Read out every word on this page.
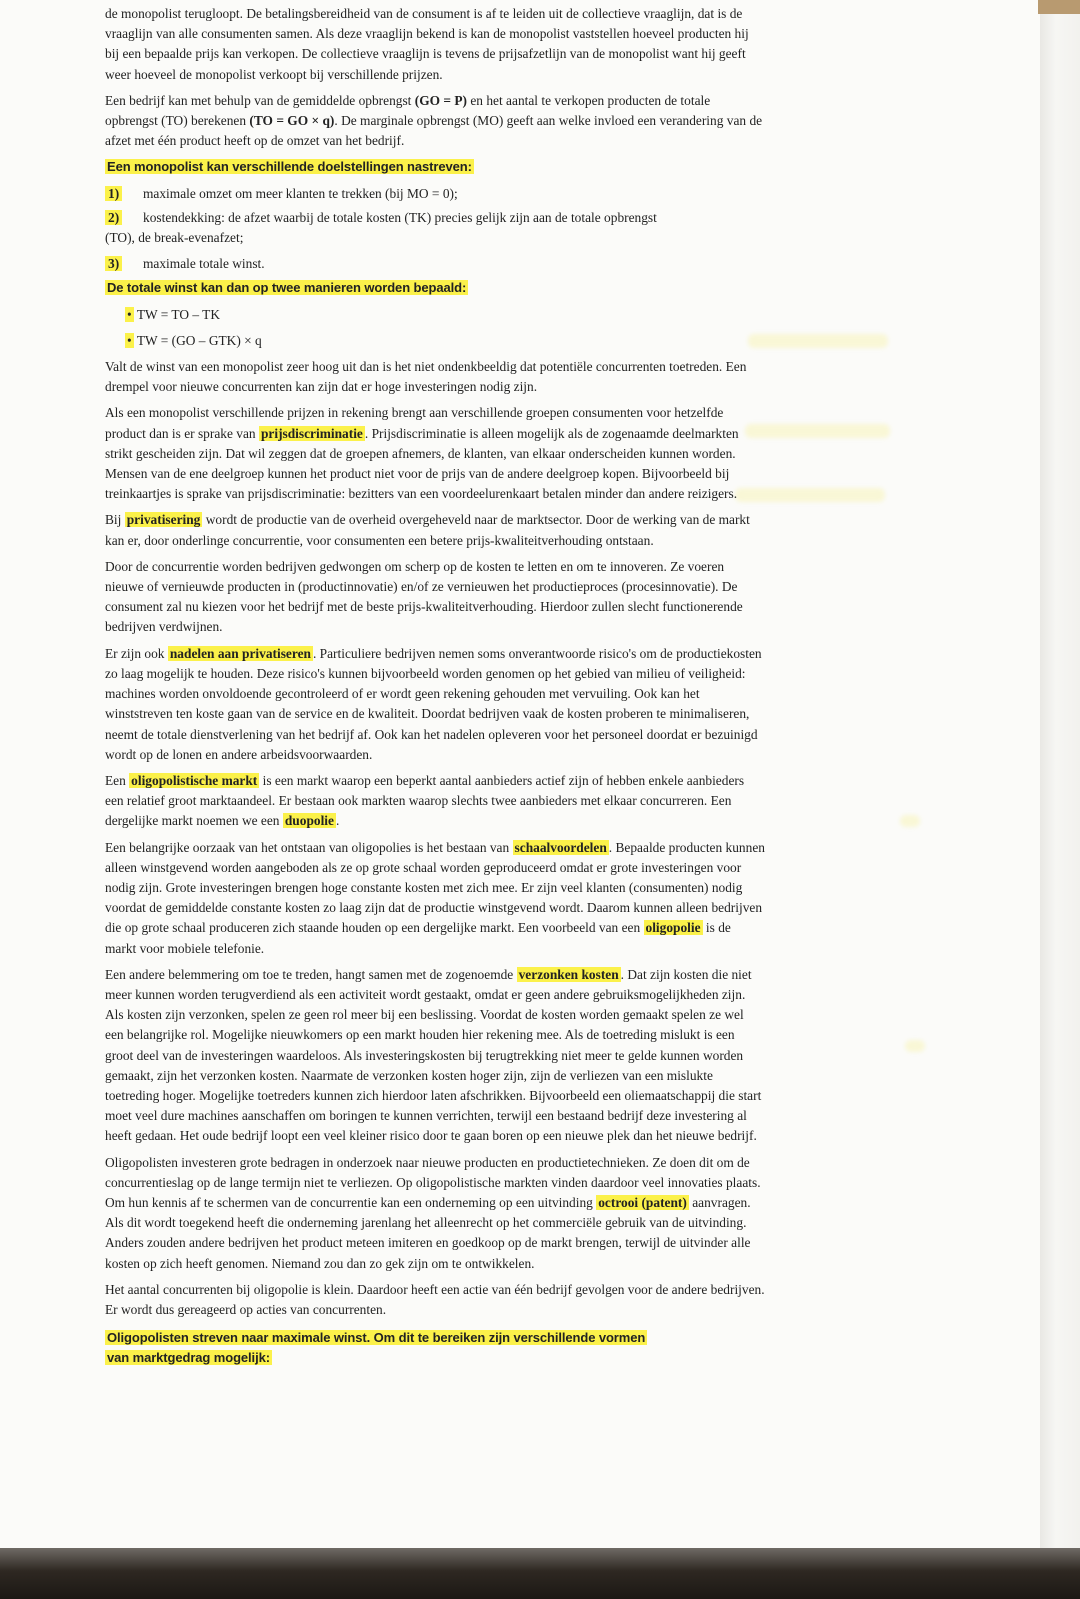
de monopolist terugloopt. De betalingsbereidheid van de consument is af te leiden uit de collectieve vraaglijn, dat is de vraaglijn van alle consumenten samen. Als deze vraaglijn bekend is kan de monopolist vaststellen hoeveel producten hij bij een bepaalde prijs kan verkopen. De collectieve vraaglijn is tevens de prijsafzetlijn van de monopolist want hij geeft weer hoeveel de monopolist verkoopt bij verschillende prijzen.

Een bedrijf kan met behulp van de gemiddelde opbrengst (GO = P) en het aantal te verkopen producten de totale opbrengst (TO) berekenen (TO = GO × q). De marginale opbrengst (MO) geeft aan welke invloed een verandering van de afzet met één product heeft op de omzet van het bedrijf.

Een monopolist kan verschillende doelstellingen nastreven:

1)	maximale omzet om meer klanten te trekken (bij MO = 0);
2)	kostendekking: de afzet waarbij de totale kosten (TK) precies gelijk zijn aan de totale opbrengst
(TO), de break-evenafzet;
3)	maximale totale winst.

De totale winst kan dan op twee manieren worden bepaald:

• TW = TO – TK
• TW = (GO – GTK) × q

Valt de winst van een monopolist zeer hoog uit dan is het niet ondenkbeeldig dat potentiële concurrenten toetreden. Een drempel voor nieuwe concurrenten kan zijn dat er hoge investeringen nodig zijn.

Als een monopolist verschillende prijzen in rekening brengt aan verschillende groepen consumenten voor hetzelfde product dan is er sprake van prijsdiscriminatie . Prijsdiscriminatie is alleen mogelijk als de zogenaamde deelmarkten strikt gescheiden zijn. Dat wil zeggen dat de groepen afnemers, de klanten, van elkaar onderscheiden kunnen worden. Mensen van de ene deelgroep kunnen het product niet voor de prijs van de andere deelgroep kopen. Bijvoorbeeld bij treinkaartjes is sprake van prijsdiscriminatie: bezitters van een voordeelurenkaart betalen minder dan andere reizigers.

Bij privatisering wordt de productie van de overheid overgeheveld naar de marktsector. Door de werking van de markt kan er, door onderlinge concurrentie, voor consumenten een betere prijs-kwaliteitverhouding ontstaan.

Door de concurrentie worden bedrijven gedwongen om scherp op de kosten te letten en om te innoveren. Ze voeren nieuwe of vernieuwde producten in (productinnovatie) en/of ze vernieuwen het productieproces (procesinnovatie). De consument zal nu kiezen voor het bedrijf met de beste prijs-kwaliteitverhouding. Hierdoor zullen slecht functionerende bedrijven verdwijnen.

Er zijn ook nadelen aan privatiseren . Particuliere bedrijven nemen soms onverantwoorde risico's om de productiekosten zo laag mogelijk te houden. Deze risico's kunnen bijvoorbeeld worden genomen op het gebied van milieu of veiligheid: machines worden onvoldoende gecontroleerd of er wordt geen rekening gehouden met vervuiling. Ook kan het winststreven ten koste gaan van de service en de kwaliteit. Doordat bedrijven vaak de kosten proberen te minimaliseren, neemt de totale dienstverlening van het bedrijf af. Ook kan het nadelen opleveren voor het personeel doordat er bezuinigd wordt op de lonen en andere arbeidsvoorwaarden.

Een oligopolistische markt is een markt waarop een beperkt aantal aanbieders actief zijn of hebben enkele aanbieders een relatief groot marktaandeel. Er bestaan ook markten waarop slechts twee aanbieders met elkaar concurreren. Een dergelijke markt noemen we een duopolie .

Een belangrijke oorzaak van het ontstaan van oligopolies is het bestaan van schaalvoordelen . Bepaalde producten kunnen alleen winstgevend worden aangeboden als ze op grote schaal worden geproduceerd omdat er grote investeringen voor nodig zijn. Grote investeringen brengen hoge constante kosten met zich mee. Er zijn veel klanten (consumenten) nodig voordat de gemiddelde constante kosten zo laag zijn dat de productie winstgevend wordt. Daarom kunnen alleen bedrijven die op grote schaal produceren zich staande houden op een dergelijke markt. Een voorbeeld van een oligopolie is de markt voor mobiele telefonie.

Een andere belemmering om toe te treden, hangt samen met de zogenoemde verzonken kosten . Dat zijn kosten die niet meer kunnen worden terugverdiend als een activiteit wordt gestaakt, omdat er geen andere gebruiksmogelijkheden zijn. Als kosten zijn verzonken, spelen ze geen rol meer bij een beslissing. Voordat de kosten worden gemaakt spelen ze wel een belangrijke rol. Mogelijke nieuwkomers op een markt houden hier rekening mee. Als de toetreding mislukt is een groot deel van de investeringen waardeloos. Als investeringskosten bij terugtrekking niet meer te gelde kunnen worden gemaakt, zijn het verzonken kosten. Naarmate de verzonken kosten hoger zijn, zijn de verliezen van een mislukte toetreding hoger. Mogelijke toetreders kunnen zich hierdoor laten afschrikken. Bijvoorbeeld een oliemaatschappij die start moet veel dure machines aanschaffen om boringen te kunnen verrichten, terwijl een bestaand bedrijf deze investering al heeft gedaan. Het oude bedrijf loopt een veel kleiner risico door te gaan boren op een nieuwe plek dan het nieuwe bedrijf.

Oligopolisten investeren grote bedragen in onderzoek naar nieuwe producten en productietechnieken. Ze doen dit om de concurrentieslag op de lange termijn niet te verliezen. Op oligopolistische markten vinden daardoor veel innovaties plaats. Om hun kennis af te schermen van de concurrentie kan een onderneming op een uitvinding octrooi (patent) aanvragen. Als dit wordt toegekend heeft die onderneming jarenlang het alleenrecht op het commerciële gebruik van de uitvinding. Anders zouden andere bedrijven het product meteen imiteren en goedkoop op de markt brengen, terwijl de uitvinder alle kosten op zich heeft genomen. Niemand zou dan zo gek zijn om te ontwikkelen.

Het aantal concurrenten bij oligopolie is klein. Daardoor heeft een actie van één bedrijf gevolgen voor de andere bedrijven. Er wordt dus gereageerd op acties van concurrenten.

Oligopolisten streven naar maximale winst. Om dit te bereiken zijn verschillende vormen
van marktgedrag mogelijk:
